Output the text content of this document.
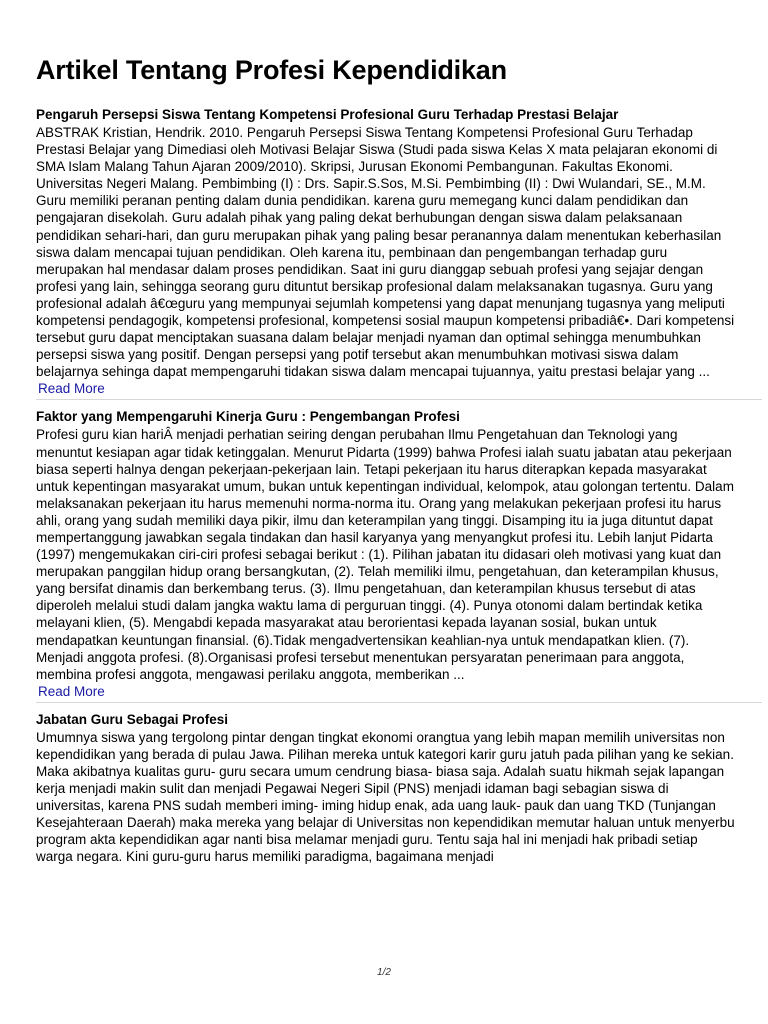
Artikel Tentang Profesi Kependidikan
Pengaruh Persepsi Siswa Tentang Kompetensi Profesional Guru Terhadap Prestasi Belajar
ABSTRAK Kristian, Hendrik. 2010. Pengaruh Persepsi Siswa Tentang Kompetensi Profesional Guru Terhadap Prestasi Belajar yang Dimediasi oleh Motivasi Belajar Siswa (Studi pada siswa Kelas X mata pelajaran ekonomi di SMA Islam Malang Tahun Ajaran 2009/2010). Skripsi, Jurusan Ekonomi Pembangunan. Fakultas Ekonomi. Universitas Negeri Malang. Pembimbing (I) : Drs. Sapir.S.Sos, M.Si. Pembimbing (II) : Dwi Wulandari, SE., M.M. Guru memiliki peranan penting dalam dunia pendidikan. karena guru memegang kunci dalam pendidikan dan pengajaran disekolah. Guru adalah pihak yang paling dekat berhubungan dengan siswa dalam pelaksanaan pendidikan sehari-hari, dan guru merupakan pihak yang paling besar peranannya dalam menentukan keberhasilan siswa dalam mencapai tujuan pendidikan. Oleh karena itu, pembinaan dan pengembangan terhadap guru merupakan hal mendasar dalam proses pendidikan. Saat ini guru dianggap sebuah profesi yang sejajar dengan profesi yang lain, sehingga seorang guru dituntut bersikap profesional dalam melaksanakan tugasnya. Guru yang profesional adalah â€œguru yang mempunyai sejumlah kompetensi yang dapat menunjang tugasnya yang meliputi kompetensi pendagogik, kompetensi profesional, kompetensi sosial maupun kompetensi pribadiâ€•. Dari kompetensi tersebut guru dapat menciptakan suasana dalam belajar menjadi nyaman dan optimal sehingga menumbuhkan persepsi siswa yang positif. Dengan persepsi yang potif tersebut akan menumbuhkan motivasi siswa dalam belajarnya sehinga dapat mempengaruhi tidakan siswa dalam mencapai tujuannya, yaitu prestasi belajar yang ...
Read More
Faktor yang Mempengaruhi Kinerja Guru : Pengembangan Profesi
Profesi guru kian hariÂ menjadi perhatian seiring dengan perubahan Ilmu Pengetahuan dan Teknologi yang menuntut kesiapan agar tidak ketinggalan. Menurut Pidarta (1999) bahwa Profesi ialah suatu jabatan atau pekerjaan biasa seperti halnya dengan pekerjaan-pekerjaan lain. Tetapi pekerjaan itu harus diterapkan kepada masyarakat untuk kepentingan masyarakat umum, bukan untuk kepentingan individual, kelompok, atau golongan tertentu. Dalam melaksanakan pekerjaan itu harus memenuhi norma-norma itu. Orang yang melakukan pekerjaan profesi itu harus ahli, orang yang sudah memiliki daya pikir, ilmu dan keterampilan yang tinggi. Disamping itu ia juga dituntut dapat mempertanggung jawabkan segala tindakan dan hasil karyanya yang menyangkut profesi itu. Lebih lanjut Pidarta (1997) mengemukakan ciri-ciri profesi sebagai berikut : (1). Pilihan jabatan itu didasari oleh motivasi yang kuat dan merupakan panggilan hidup orang bersangkutan, (2). Telah memiliki ilmu, pengetahuan, dan keterampilan khusus, yang bersifat dinamis dan berkembang terus. (3). Ilmu pengetahuan, dan keterampilan khusus tersebut di atas diperoleh melalui studi dalam jangka waktu lama di perguruan tinggi. (4). Punya otonomi dalam bertindak ketika melayani klien, (5). Mengabdi kepada masyarakat atau berorientasi kepada layanan sosial, bukan untuk mendapatkan keuntungan finansial. (6).Tidak mengadvertensikan keahlian-nya untuk mendapatkan klien. (7). Menjadi anggota profesi. (8).Organisasi profesi tersebut menentukan persyaratan penerimaan para anggota, membina profesi anggota, mengawasi perilaku anggota, memberikan ...
Read More
Jabatan Guru Sebagai Profesi
Umumnya siswa yang tergolong pintar dengan tingkat ekonomi orangtua yang lebih mapan memilih universitas non kependidikan yang berada di pulau Jawa. Pilihan mereka untuk kategori karir guru jatuh pada pilihan yang ke sekian. Maka akibatnya kualitas guru- guru secara umum cendrung biasa- biasa saja. Adalah suatu hikmah sejak lapangan kerja menjadi makin sulit dan menjadi Pegawai Negeri Sipil (PNS) menjadi idaman bagi sebagian siswa di universitas, karena PNS sudah memberi iming- iming hidup enak, ada uang lauk- pauk dan uang TKD (Tunjangan Kesejahteraan Daerah) maka mereka yang belajar di Universitas non kependidikan memutar haluan untuk menyerbu program akta kependidikan agar nanti bisa melamar menjadi guru. Tentu saja hal ini menjadi hak pribadi setiap warga negara. Kini guru-guru harus memiliki paradigma, bagaimana menjadi
1/2
